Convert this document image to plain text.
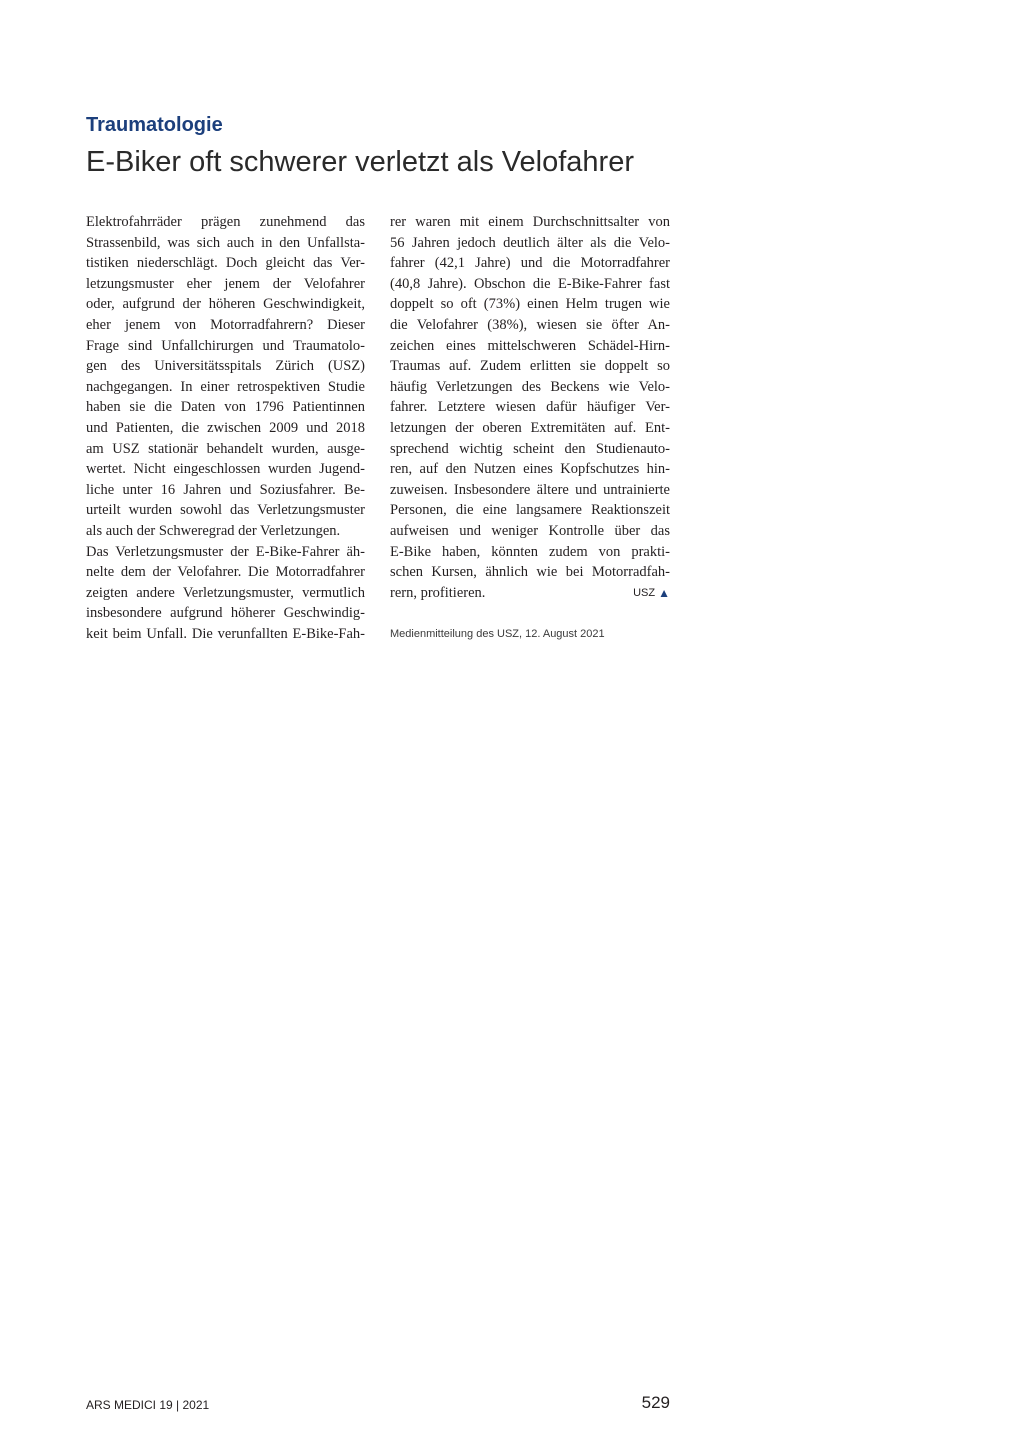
Traumatologie
E-Biker oft schwerer verletzt als Velofahrer
Elektrofahrräder prägen zunehmend das
Strassenbild, was sich auch in den Unfallsta-
tistiken niederschlägt. Doch gleicht das Ver-
letzungsmuster eher jenem der Velofahrer
oder, aufgrund der höheren Geschwindigkeit,
eher jenem von Motorradfahrern? Dieser
Frage sind Unfallchirurgen und Traumatolo-
gen des Universitätsspitals Zürich (USZ)
nachgegangen. In einer retrospektiven Studie
haben sie die Daten von 1796 Patientinnen
und Patienten, die zwischen 2009 und 2018
am USZ stationär behandelt wurden, ausge-
wertet. Nicht eingeschlossen wurden Jugend-
liche unter 16 Jahren und Soziusfahrer. Be-
urteilt wurden sowohl das Verletzungsmuster
als auch der Schweregrad der Verletzungen.
Das Verletzungsmuster der E-Bike-Fahrer äh-
nelte dem der Velofahrer. Die Motorradfahrer
zeigten andere Verletzungsmuster, vermutlich
insbesondere aufgrund höherer Geschwindig-
keit beim Unfall. Die verunfallten E-Bike-Fah-
rer waren mit einem Durchschnittsalter von
56 Jahren jedoch deutlich älter als die Velo-
fahrer (42,1 Jahre) und die Motorradfahrer
(40,8 Jahre). Obschon die E-Bike-Fahrer fast
doppelt so oft (73%) einen Helm trugen wie
die Velofahrer (38%), wiesen sie öfter An-
zeichen eines mittelschweren Schädel-Hirn-
Traumas auf. Zudem erlitten sie doppelt so
häufig Verletzungen des Beckens wie Velo-
fahrer. Letztere wiesen dafür häufiger Ver-
letzungen der oberen Extremitäten auf. Ent-
sprechend wichtig scheint den Studienauto-
ren, auf den Nutzen eines Kopfschutzes hin-
zuweisen. Insbesondere ältere und untrainierte
Personen, die eine langsamere Reaktionszeit
aufweisen und weniger Kontrolle über das
E-Bike haben, könnten zudem von prakti-
schen Kursen, ähnlich wie bei Motorradfah-
rern, profitieren.	USZ ▲
Medienmitteilung des USZ, 12. August 2021
ARS MEDICI 19 | 2021	529
